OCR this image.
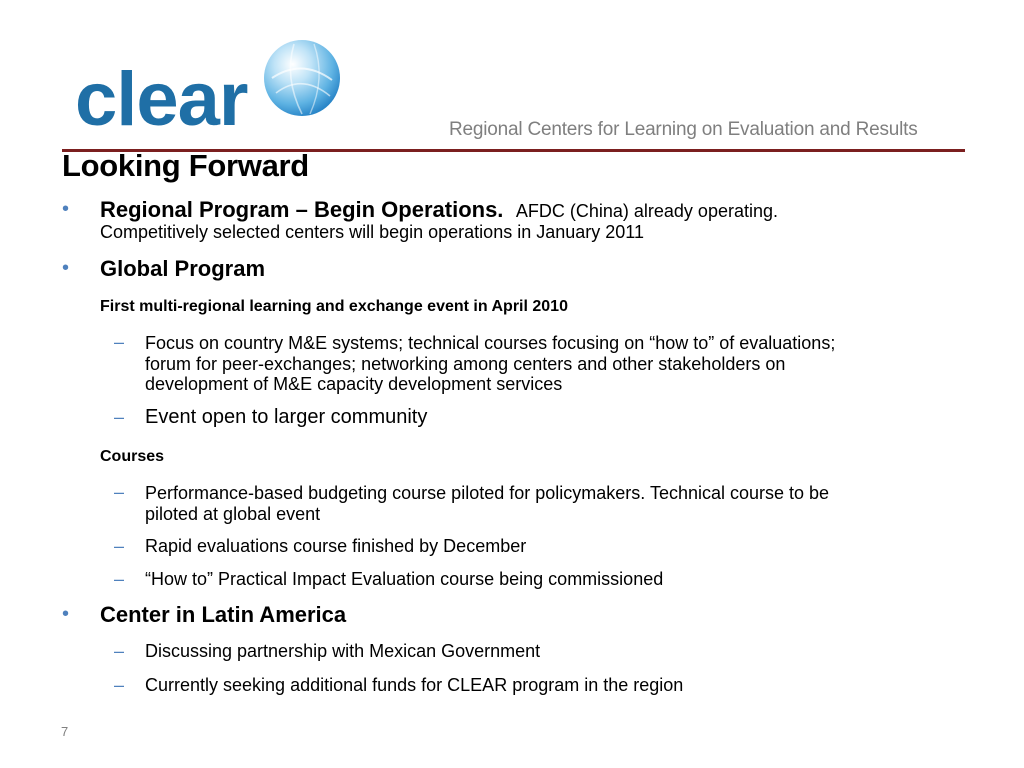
clear	Regional Centers for Learning on Evaluation and Results
Looking Forward
• Regional Program – Begin Operations. AFDC (China) already operating.
Competitively selected centers will begin operations in January 2011
• Global Program
First multi-regional learning and exchange event in April 2010
– Focus on country M&E systems; technical courses focusing on “how to” of evaluations;
forum for peer-exchanges; networking among centers and other stakeholders on
development of M&E capacity development services
– Event open to larger community
Courses
– Performance-based budgeting course piloted for policymakers. Technical course to be
piloted at global event
– Rapid evaluations course finished by December
– “How to” Practical Impact Evaluation course being commissioned
• Center in Latin America
– Discussing partnership with Mexican Government
– Currently seeking additional funds for CLEAR program in the region
7
